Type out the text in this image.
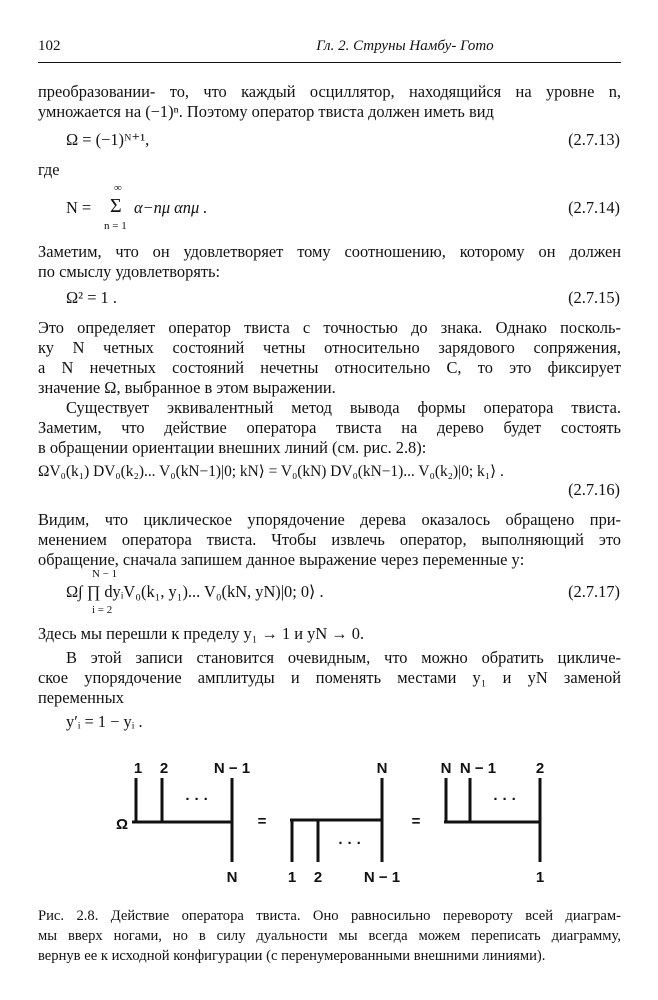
102	Гл. 2. Струны Намбу- Гото
преобразовании- то, что каждый осциллятор, находящийся на уровне n,
умножается на (−1)ⁿ. Поэтому оператор твиста должен иметь вид
Ω = (−1)ᴺ⁺¹,	(2.7.13)
где
N =
∞
Σ
n = 1
α−nμ αnμ .	(2.7.14)
Заметим, что он удовлетворяет тому соотношению, которому он должен
по смыслу удовлетворять:
Ω² = 1 .	(2.7.15)
Это определяет оператор твиста с точностью до знака. Однако посколь-
ку N четных состояний четны относительно зарядового сопряжения,
а N нечетных состояний нечетны относительно C, то это фиксирует
значение Ω, выбранное в этом выражении.
Существует эквивалентный метод вывода формы оператора твиста.
Заметим, что действие оператора твиста на дерево будет состоять
в обращении ориентации внешних линий (см. рис. 2.8):
ΩV₀(k₁) DV₀(k₂)... V₀(kN−1)|0; kN⟩ = V₀(kN) DV₀(kN−1)... V₀(k₂)|0; k₁⟩ .
(2.7.16)
Видим, что циклическое упорядочение дерева оказалось обращено при-
менением оператора твиста. Чтобы извлечь оператор, выполняющий это
обращение, сначала запишем данное выражение через переменные y:
N − 1
Ω∫ ∏ dyᵢV₀(k₁, y₁)... V₀(kN, yN)|0; 0⟩ .
i = 2
(2.7.17)
Здесь мы перешли к пределу y₁ → 1 и yN → 0.
В этой записи становится очевидным, что можно обратить цикличе-
ское упорядочение амплитуды и поменять местами y₁ и yN заменой
переменных
y′ᵢ = 1 − yᵢ .
Ω
1 2	N − 1
N
· · ·
=
N
1 2	N − 1
· · ·
=
N N − 1	2
1
· · ·
Рис. 2.8. Действие оператора твиста. Оно равносильно перевороту всей диаграм-
мы вверх ногами, но в силу дуальности мы всегда можем переписать диаграмму,
вернув ее к исходной конфигурации (с перенумерованными внешними линиями).
